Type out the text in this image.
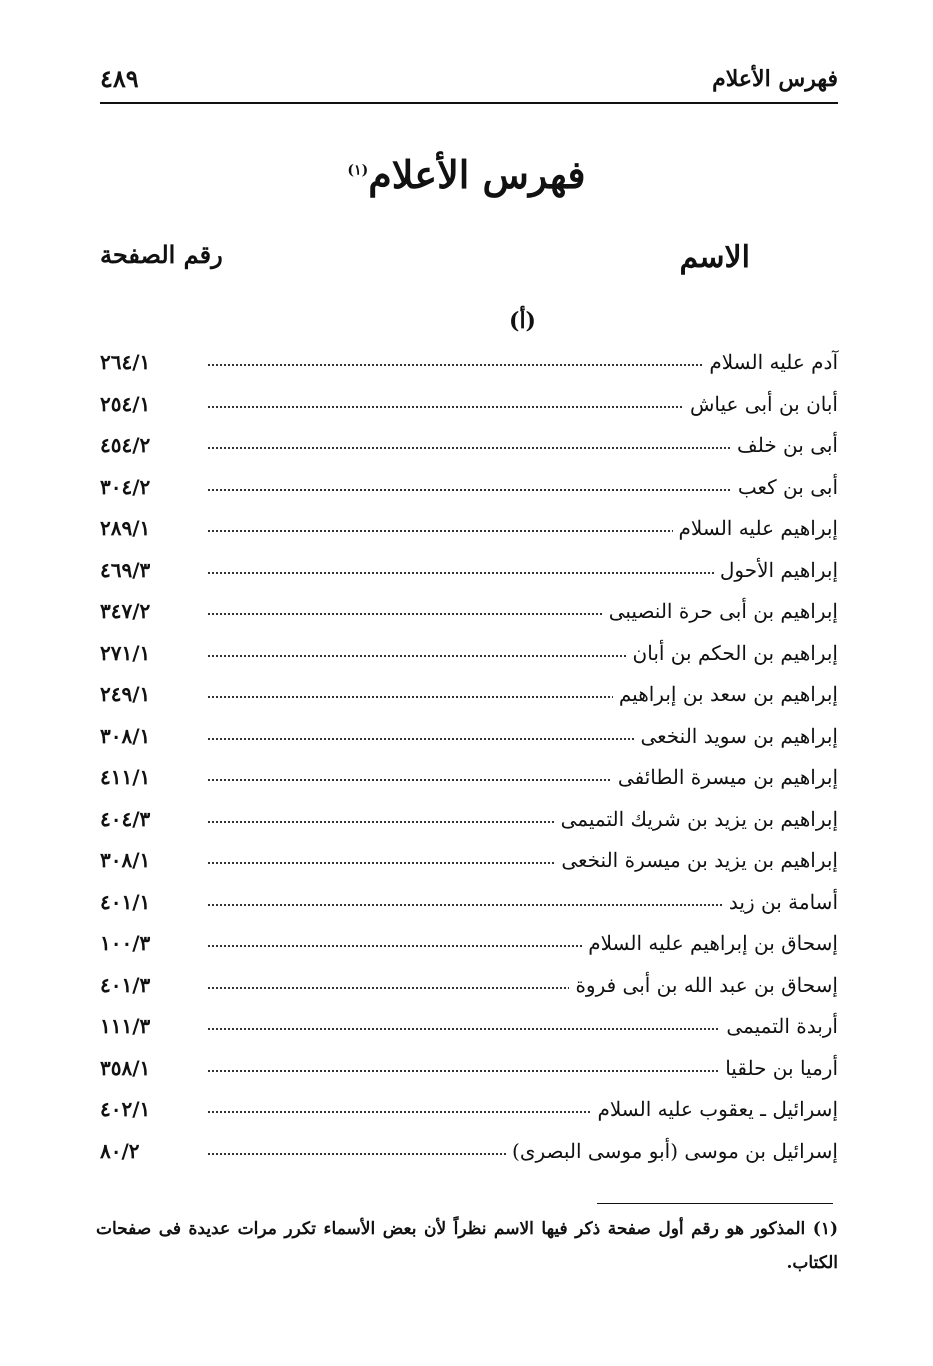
فهرس الأعلام
٤٨٩
فهرس الأعلام$^{(١)}$
الاسم
رقم الصفحة
(أ)
آدم عليه السلام
٢٦٤/١
أبان بن أبى عياش
٢٥٤/١
أبى بن خلف
٤٥٤/٢
أبى بن كعب
٣٠٤/٢
إبراهيم عليه السلام
٢٨٩/١
إبراهيم الأحول
٤٦٩/٣
إبراهيم بن أبى حرة النصيبى
٣٤٧/٢
إبراهيم بن الحكم بن أبان
٢٧١/١
إبراهيم بن سعد بن إبراهيم
٢٤٩/١
إبراهيم بن سويد النخعى
٣٠٨/١
إبراهيم بن ميسرة الطائفى
٤١١/١
إبراهيم بن يزيد بن شريك التميمى
٤٠٤/٣
إبراهيم بن يزيد بن ميسرة النخعى
٣٠٨/١
أسامة بن زيد
٤٠١/١
إسحاق بن إبراهيم عليه السلام
١٠٠/٣
إسحاق بن عبد الله بن أبى فروة
٤٠١/٣
أربدة التميمى
١١١/٣
أرميا بن حلقيا
٣٥٨/١
إسرائيل ـ يعقوب عليه السلام
٤٠٢/١
إسرائيل بن موسى (أبو موسى البصرى)
٨٠/٢
(١) المذكور هو رقم أول صفحة ذكر فيها الاسم نظراً لأن بعض الأسماء تكرر مرات عديدة فى صفحات الكتاب.
